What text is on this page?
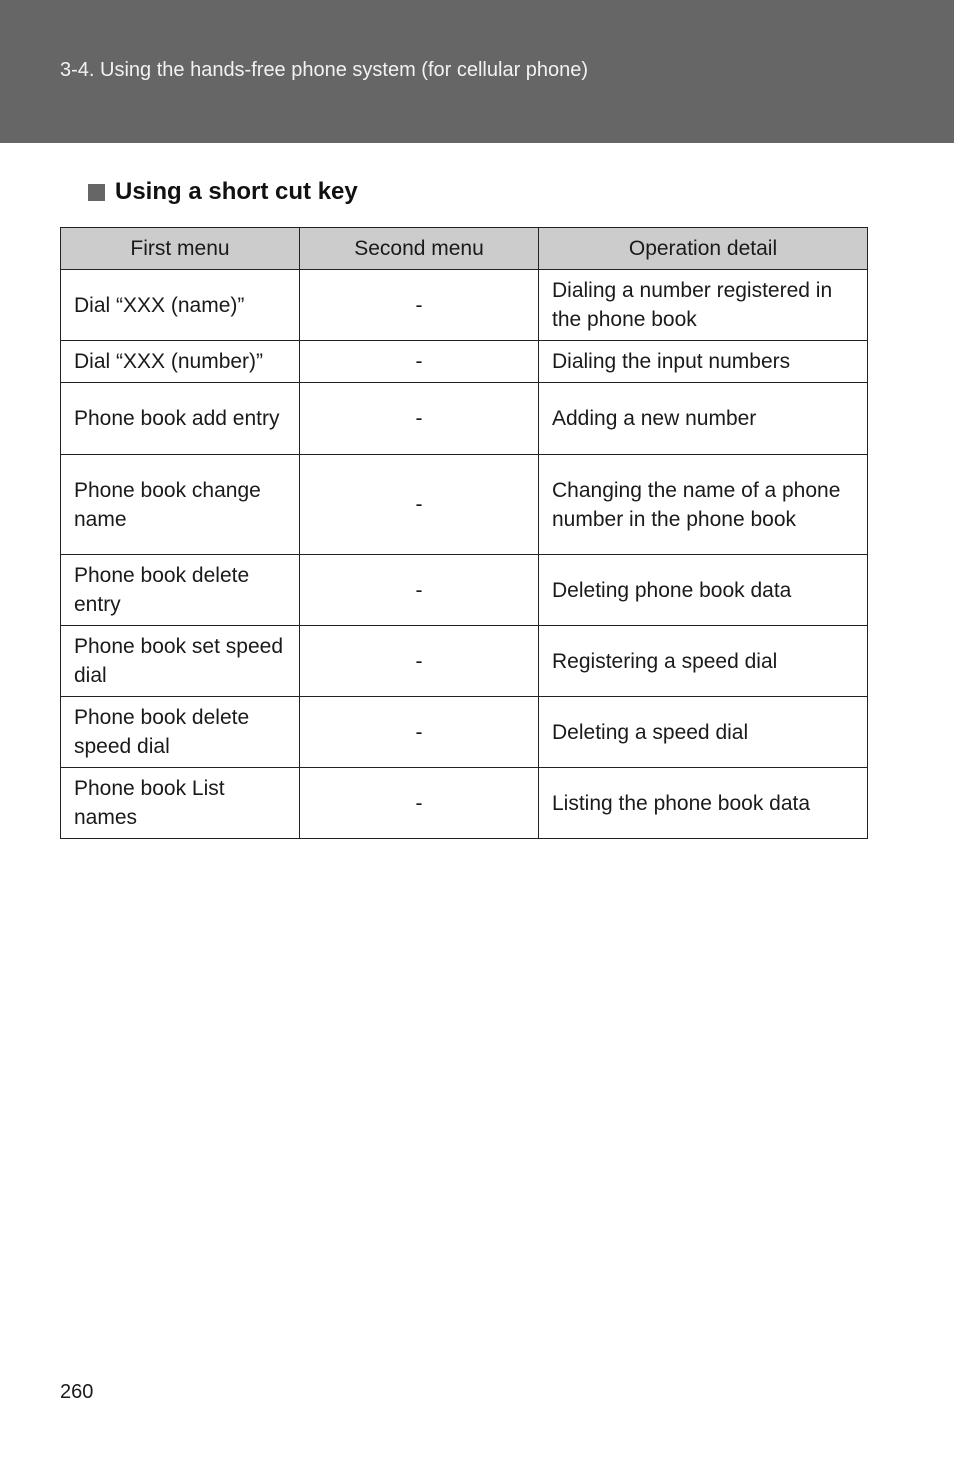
3-4. Using the hands-free phone system (for cellular phone)
Using a short cut key
First menu	Second menu	Operation detail
Dial “XXX (name)”	-	Dialing a number registered in the phone book
Dial “XXX (number)”	-	Dialing the input numbers
Phone book add entry	-	Adding a new number
Phone book change name	-	Changing the name of a phone number in the phone book
Phone book delete entry	-	Deleting phone book data
Phone book set speed dial	-	Registering a speed dial
Phone book delete speed dial	-	Deleting a speed dial
Phone book List names	-	Listing the phone book data
260
